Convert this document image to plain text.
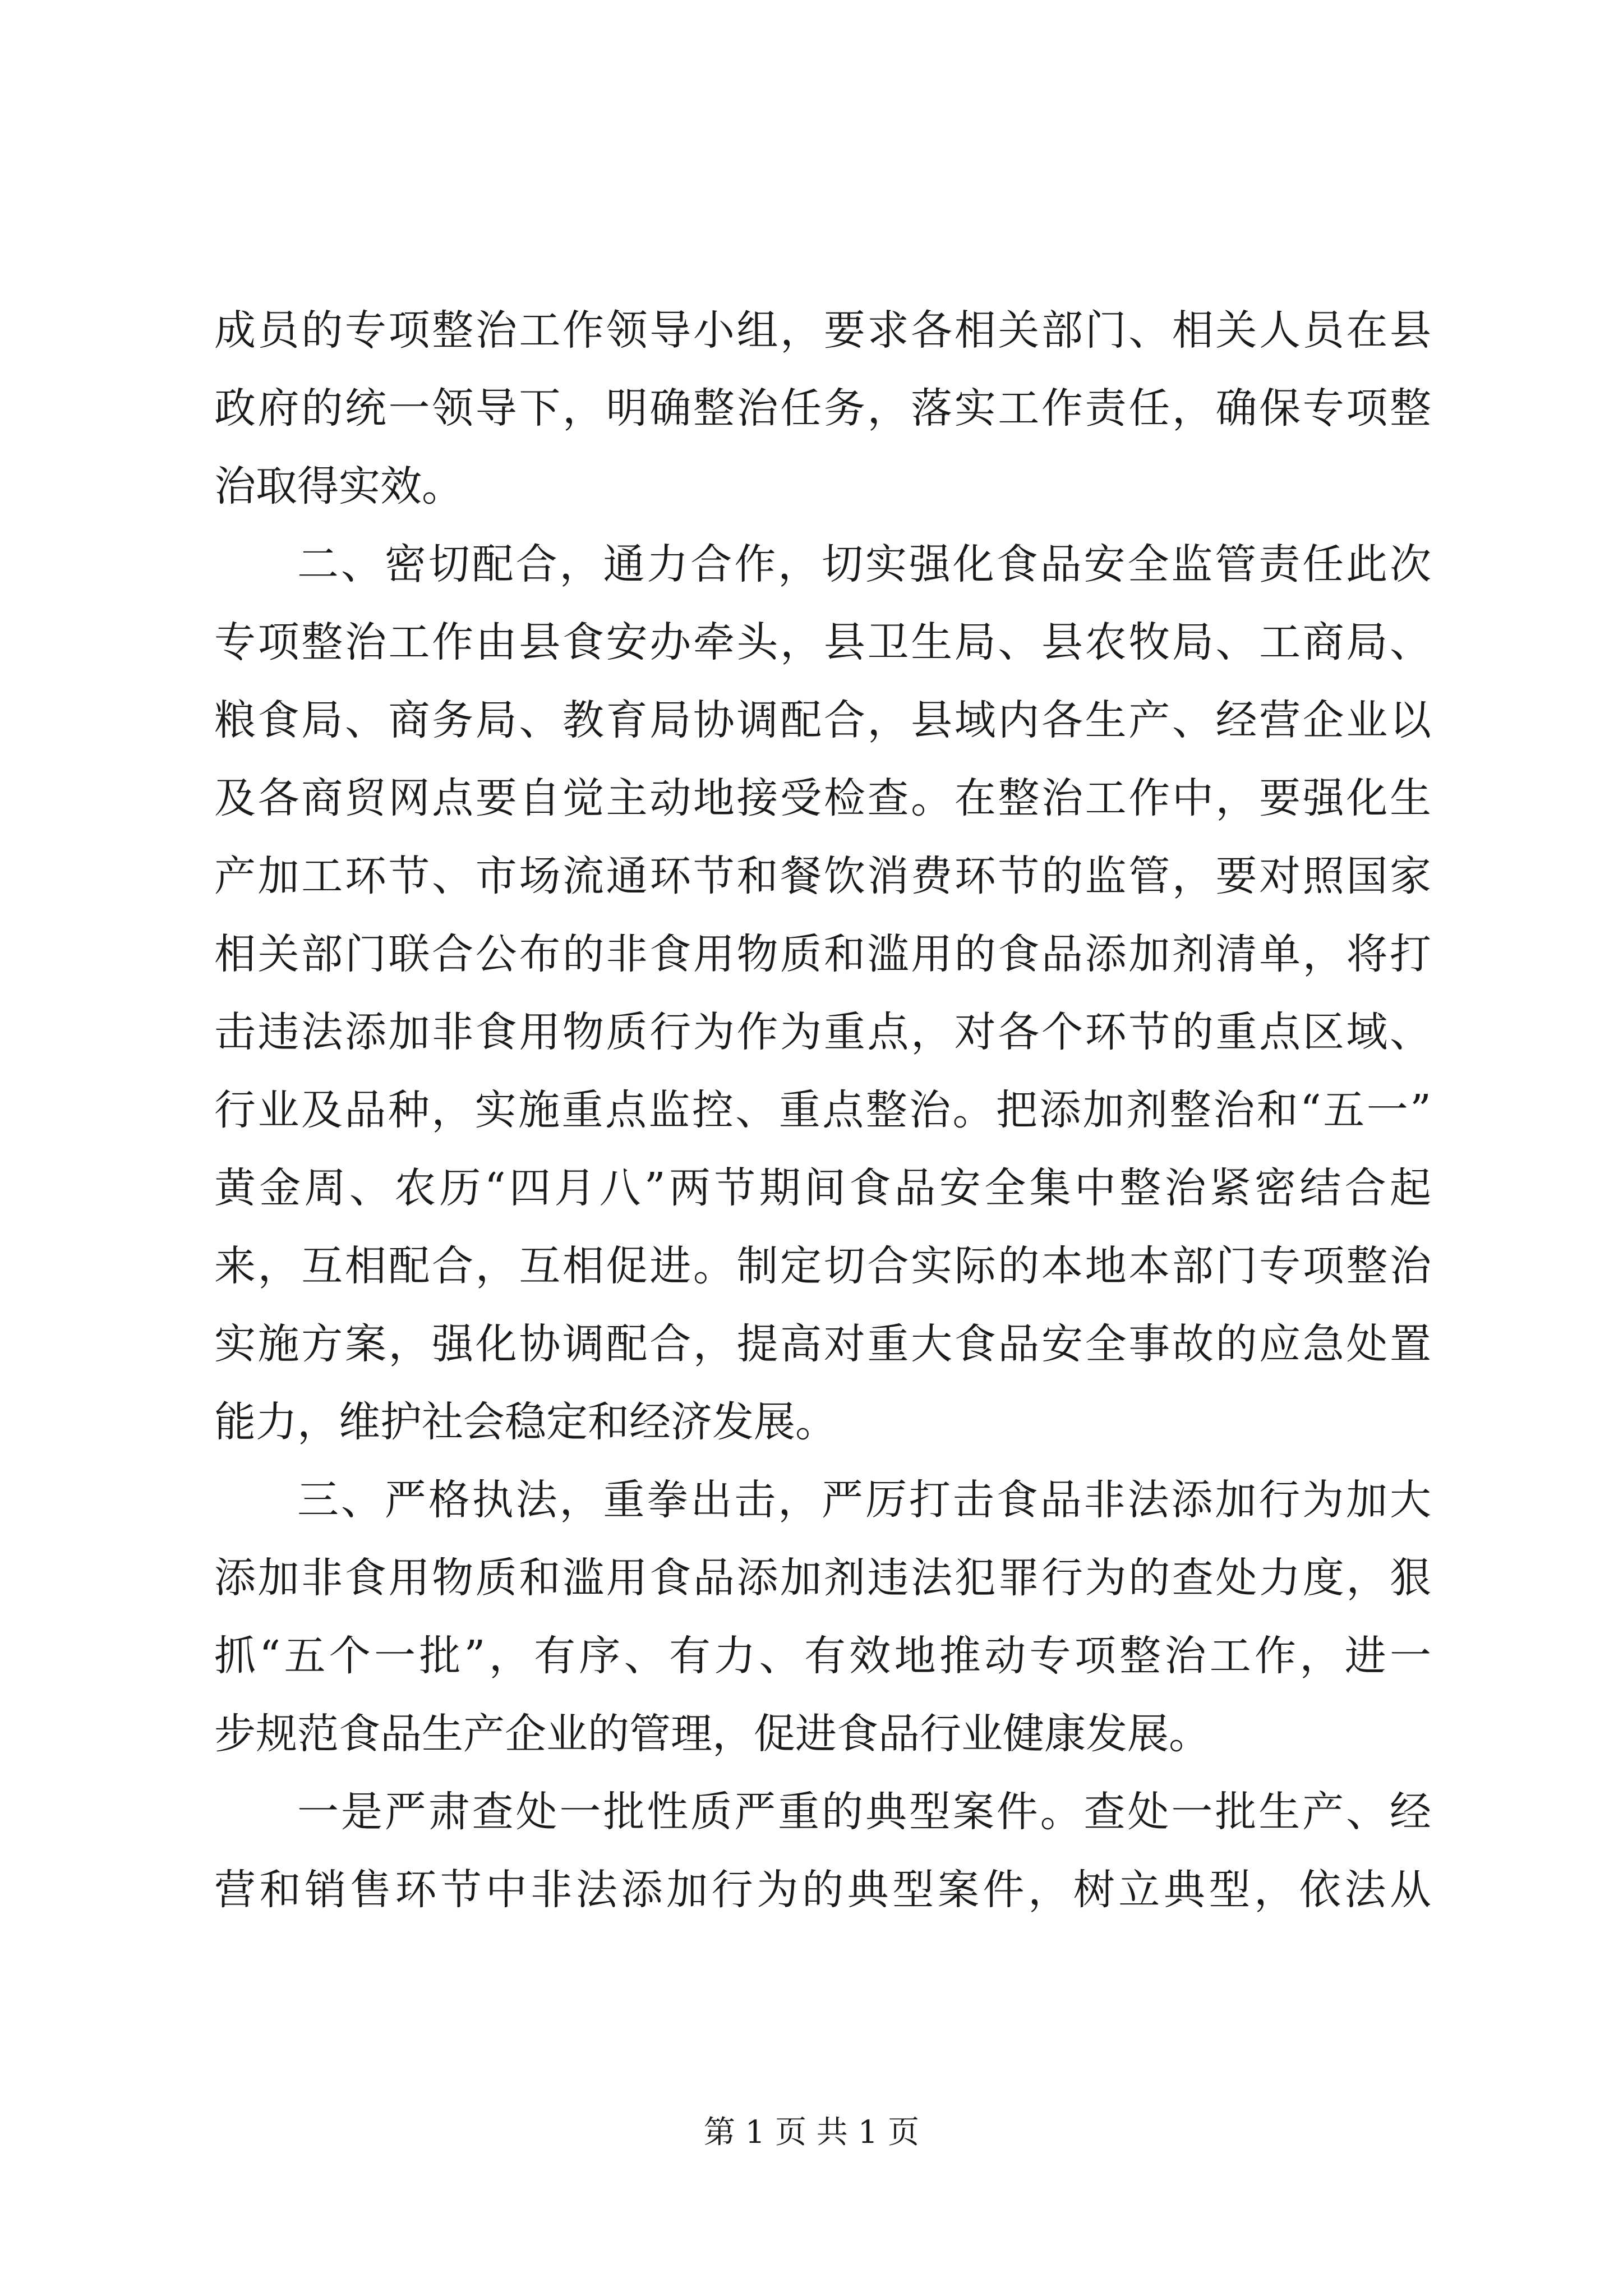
成员的专项整治工作领导小组，要求各相关部门、相关人员在县
政府的统一领导下，明确整治任务，落实工作责任，确保专项整
治取得实效。
二、密切配合，通力合作，切实强化食品安全监管责任此次
专项整治工作由县食安办牵头，县卫生局、县农牧局、工商局、
粮食局、商务局、教育局协调配合，县域内各生产、经营企业以
及各商贸网点要自觉主动地接受检查。在整治工作中，要强化生
产加工环节、市场流通环节和餐饮消费环节的监管，要对照国家
相关部门联合公布的非食用物质和滥用的食品添加剂清单，将打
击违法添加非食用物质行为作为重点，对各个环节的重点区域、
行业及品种，实施重点监控、重点整治。把添加剂整治和“五一”
黄金周、农历“四月八”两节期间食品安全集中整治紧密结合起
来，互相配合，互相促进。制定切合实际的本地本部门专项整治
实施方案，强化协调配合，提高对重大食品安全事故的应急处置
能力，维护社会稳定和经济发展。
三、严格执法，重拳出击，严厉打击食品非法添加行为加大
添加非食用物质和滥用食品添加剂违法犯罪行为的查处力度，狠
抓“五个一批”，有序、有力、有效地推动专项整治工作，进一
步规范食品生产企业的管理，促进食品行业健康发展。
一是严肃查处一批性质严重的典型案件。查处一批生产、经
营和销售环节中非法添加行为的典型案件，树立典型，依法从
第 1 页 共 1 页
